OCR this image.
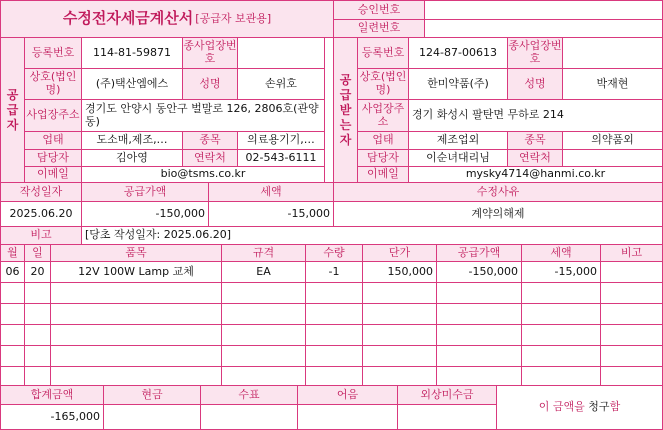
수정전자세금계산서 [공급자 보관용]
승인번호
일련번호
공
급
자
등록번호	114-81-59871	종사업장번호
상호(법인명)	(주)택산엠에스	성명	손위호
사업장주소 경기도 안양시 동안구 벌말로 126, 2806호(관양동)
업태	도소매,제조,…	종목	의료용기기,…
담당자	김아영	연락처	02-543-6111
이메일	bio@tsms.co.kr
공
급
받
는
자
등록번호	124-87-00613	종사업장번호
상호(법인명)	한미약품(주)	성명	박재현
사업장주소	경기 화성시 팔탄면 무하로 214
업태	제조업외	종목	의약품외
담당자	이순녀대리님	연락처
이메일	mysky4714@hanmi.co.kr
작성일자	공급가액	세액	수정사유
2025.06.20	-150,000	-15,000	계약의해제
비고	[당초 작성일자: 2025.06.20]
월	일	품목	규격	수량	단가	공급가액	세액	비고
06	20	12V 100W Lamp 교체	EA	-1	150,000	-150,000	-15,000
합계금액	현금	수표	어음	외상미수금
-165,000
이 금액을
청구 함
